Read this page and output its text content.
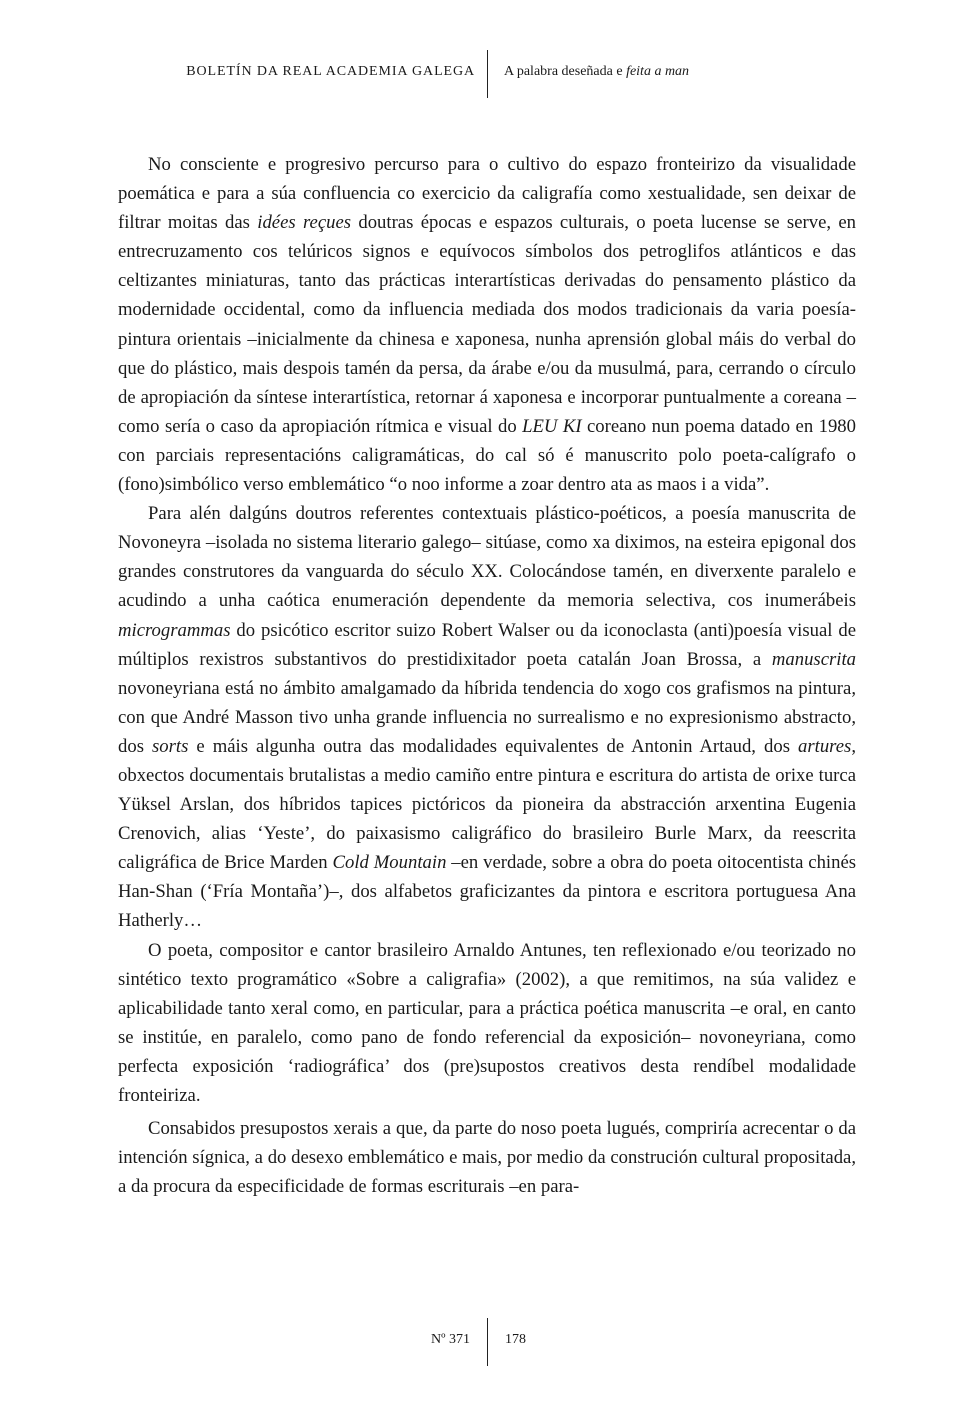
BOLETÍN DA REAL ACADEMIA GALEGA A palabra deseñada e feita a man

No consciente e progresivo percurso para o cultivo do espazo fronteirizo da visualidade poemática e para a súa confluencia co exercicio da caligrafía como xestualidade, sen deixar de filtrar moitas das idées reçues doutras épocas e espazos culturais, o poeta lucense se serve, en entrecruzamento cos telúricos signos e equívocos símbolos dos petroglifos atlánticos e das celtizantes miniaturas, tanto das prácticas interartísticas derivadas do pensamento plástico da modernidade occidental, como da influencia mediada dos modos tradicionais da varia poesía-pintura orientais –inicialmente da chinesa e xaponesa, nunha aprensión global máis do verbal do que do plástico, mais despois tamén da persa, da árabe e/ou da musulmá, para, cerrando o círculo de apropiación da síntese interartística, retornar á xaponesa e incorporar puntualmente a coreana –como sería o caso da apropiación rítmica e visual do LEU KI coreano nun poema datado en 1980 con parciais representacións caligramáticas, do cal só é manuscrito polo poeta-calígrafo o (fono)simbólico verso emblemático “o noo informe a zoar dentro ata as maos i a vida”.

Para alén dalgúns doutros referentes contextuais plástico-poéticos, a poesía manuscrita de Novoneyra –isolada no sistema literario galego– sitúase, como xa diximos, na esteira epigonal dos grandes construtores da vanguarda do século XX. Colocándose tamén, en diverxente paralelo e acudindo a unha caótica enumeración dependente da memoria selectiva, cos inumerábeis microgrammas do psicótico escritor suizo Robert Walser ou da iconoclasta (anti)poesía visual de múltiplos rexistros substantivos do prestidixitador poeta catalán Joan Brossa, a manuscrita novoneyriana está no ámbito amalgamado da híbrida tendencia do xogo cos grafismos na pintura, con que André Masson tivo unha grande influencia no surrealismo e no expresionismo abstracto, dos sorts e máis algunha outra das modalidades equivalentes de Antonin Artaud, dos artures, obxectos documentais brutalistas a medio camiño entre pintura e escritura do artista de orixe turca Yüksel Arslan, dos híbridos tapices pictóricos da pioneira da abstracción arxentina Eugenia Crenovich, alias ‘Yeste’, do paixasismo caligráfico do brasileiro Burle Marx, da reescrita caligráfica de Brice Marden Cold Mountain –en verdade, sobre a obra do poeta oitocentista chinés Han-Shan (‘Fría Montaña’)–, dos alfabetos graficizantes da pintora e escritora portuguesa Ana Hatherly…

O poeta, compositor e cantor brasileiro Arnaldo Antunes, ten reflexionado e/ou teorizado no sintético texto programático «Sobre a caligrafia» (2002), a que remitimos, na súa validez e aplicabilidade tanto xeral como, en particular, para a práctica poética manuscrita –e oral, en canto se institúe, en paralelo, como pano de fondo referencial da exposición– novoneyriana, como perfecta exposición ‘radiográfica’ dos (pre)supostos creativos desta rendíbel modalidade fronteiriza.

Consabidos presupostos xerais a que, da parte do noso poeta lugués, compriría acrecentar o da intención sígnica, a do desexo emblemático e mais, por medio da construción cultural propositada, a da procura da especificidade de formas escriturais –en para-

Nº 371	178
